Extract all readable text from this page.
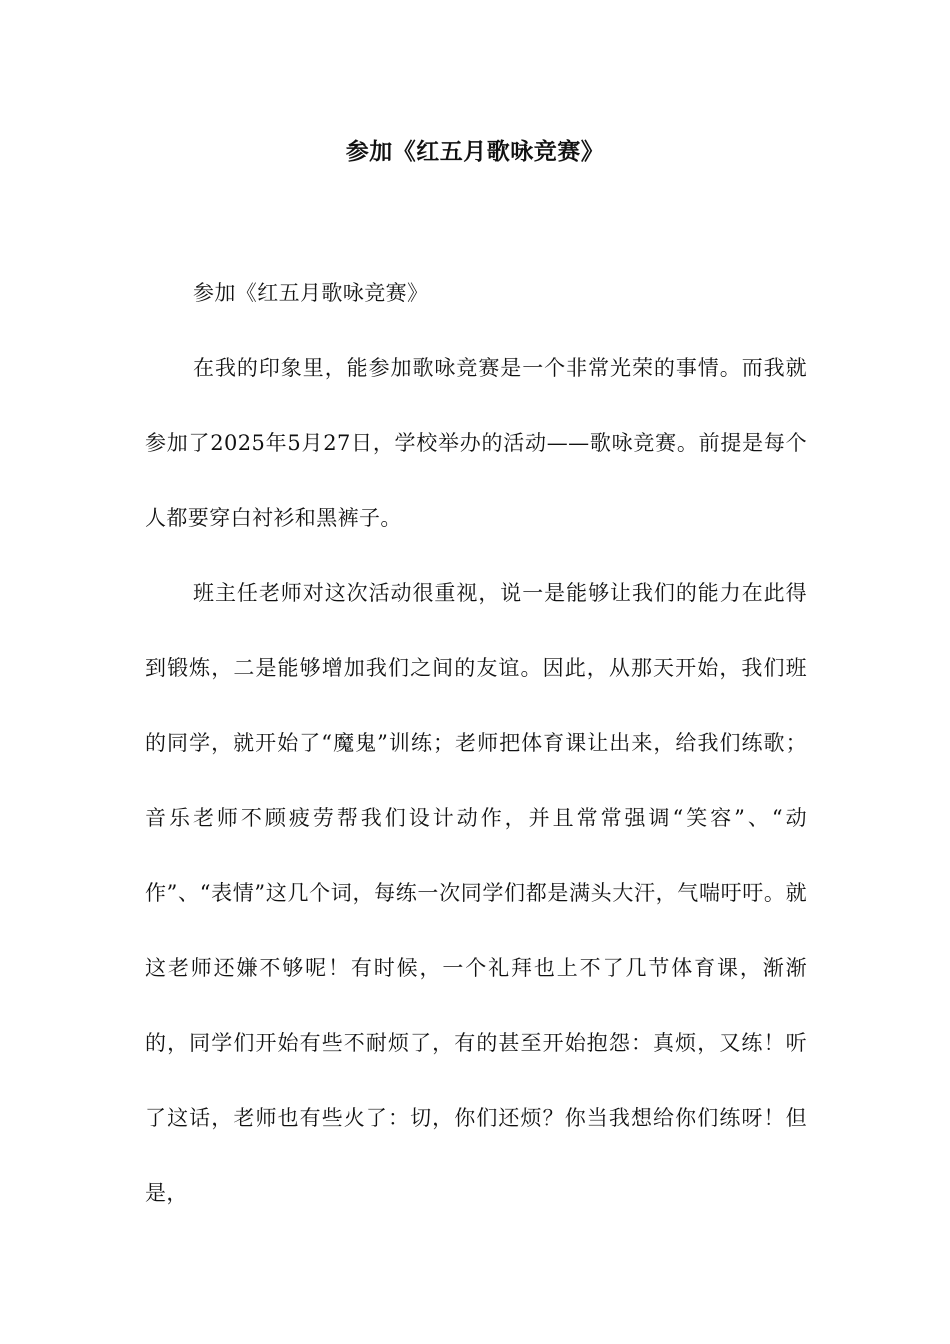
参加《红五月歌咏竞赛》

参加《红五月歌咏竞赛》

在我的印象里，能参加歌咏竞赛是一个非常光荣的事情。而我就参加了2025年5月27日，学校举办的活动——歌咏竞赛。前提是每个人都要穿白衬衫和黑裤子。

班主任老师对这次活动很重视，说一是能够让我们的能力在此得到锻炼，二是能够增加我们之间的友谊。因此，从那天开始，我们班的同学，就开始了“魔鬼”训练；老师把体育课让出来，给我们练歌；音乐老师不顾疲劳帮我们设计动作，并且常常强调“笑容”、“动作”、“表情”这几个词，每练一次同学们都是满头大汗，气喘吁吁。就这老师还嫌不够呢！有时候，一个礼拜也上不了几节体育课，渐渐的，同学们开始有些不耐烦了，有的甚至开始抱怨：真烦，又练！听了这话，老师也有些火了：切，你们还烦？你当我想给你们练呀！但是，
